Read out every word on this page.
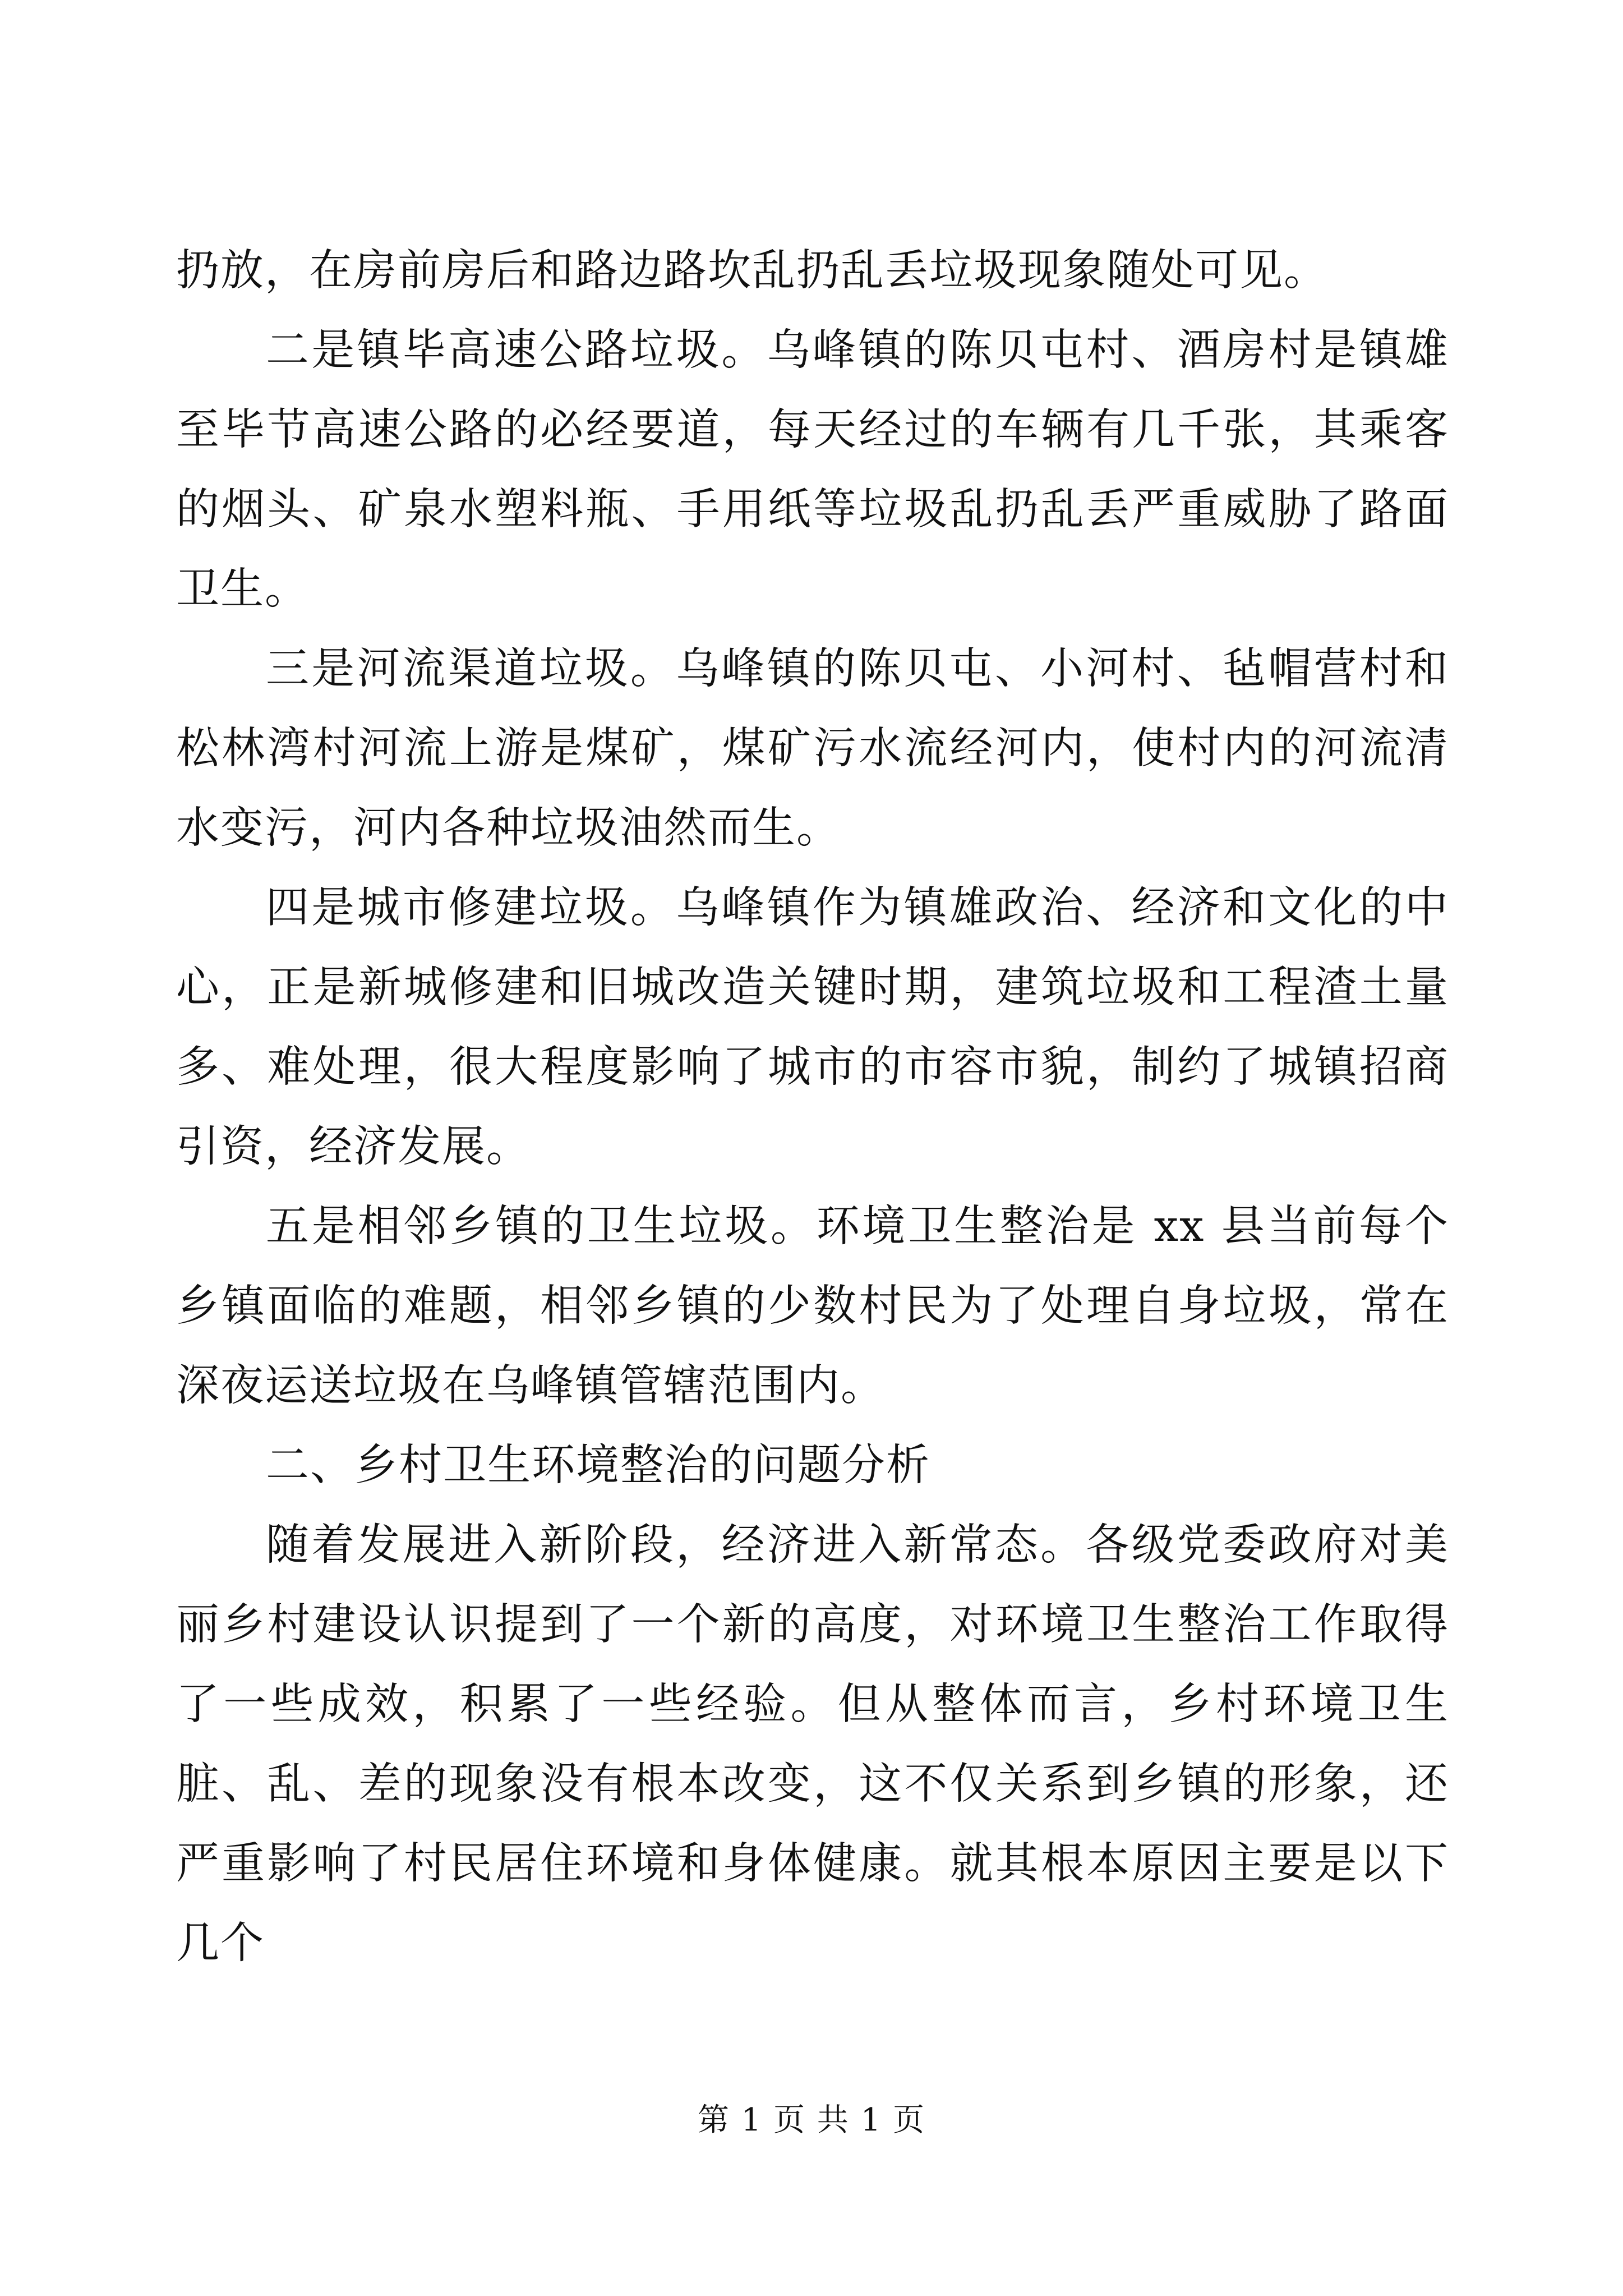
扔放，在房前房后和路边路坎乱扔乱丢垃圾现象随处可见。

二是镇毕高速公路垃圾。乌峰镇的陈贝屯村、酒房村是镇雄至毕节高速公路的必经要道，每天经过的车辆有几千张，其乘客的烟头、矿泉水塑料瓶、手用纸等垃圾乱扔乱丢严重威胁了路面卫生。

三是河流渠道垃圾。乌峰镇的陈贝屯、小河村、毡帽营村和松林湾村河流上游是煤矿，煤矿污水流经河内，使村内的河流清水变污，河内各种垃圾油然而生。

四是城市修建垃圾。乌峰镇作为镇雄政治、经济和文化的中心，正是新城修建和旧城改造关键时期，建筑垃圾和工程渣土量多、难处理，很大程度影响了城市的市容市貌，制约了城镇招商引资，经济发展。

五是相邻乡镇的卫生垃圾。环境卫生整治是 xx 县当前每个乡镇面临的难题，相邻乡镇的少数村民为了处理自身垃圾，常在深夜运送垃圾在乌峰镇管辖范围内。

二、乡村卫生环境整治的问题分析

随着发展进入新阶段，经济进入新常态。各级党委政府对美丽乡村建设认识提到了一个新的高度，对环境卫生整治工作取得了一些成效，积累了一些经验。但从整体而言，乡村环境卫生脏、乱、差的现象没有根本改变，这不仅关系到乡镇的形象，还严重影响了村民居住环境和身体健康。就其根本原因主要是以下几个

第 1 页 共 1 页
